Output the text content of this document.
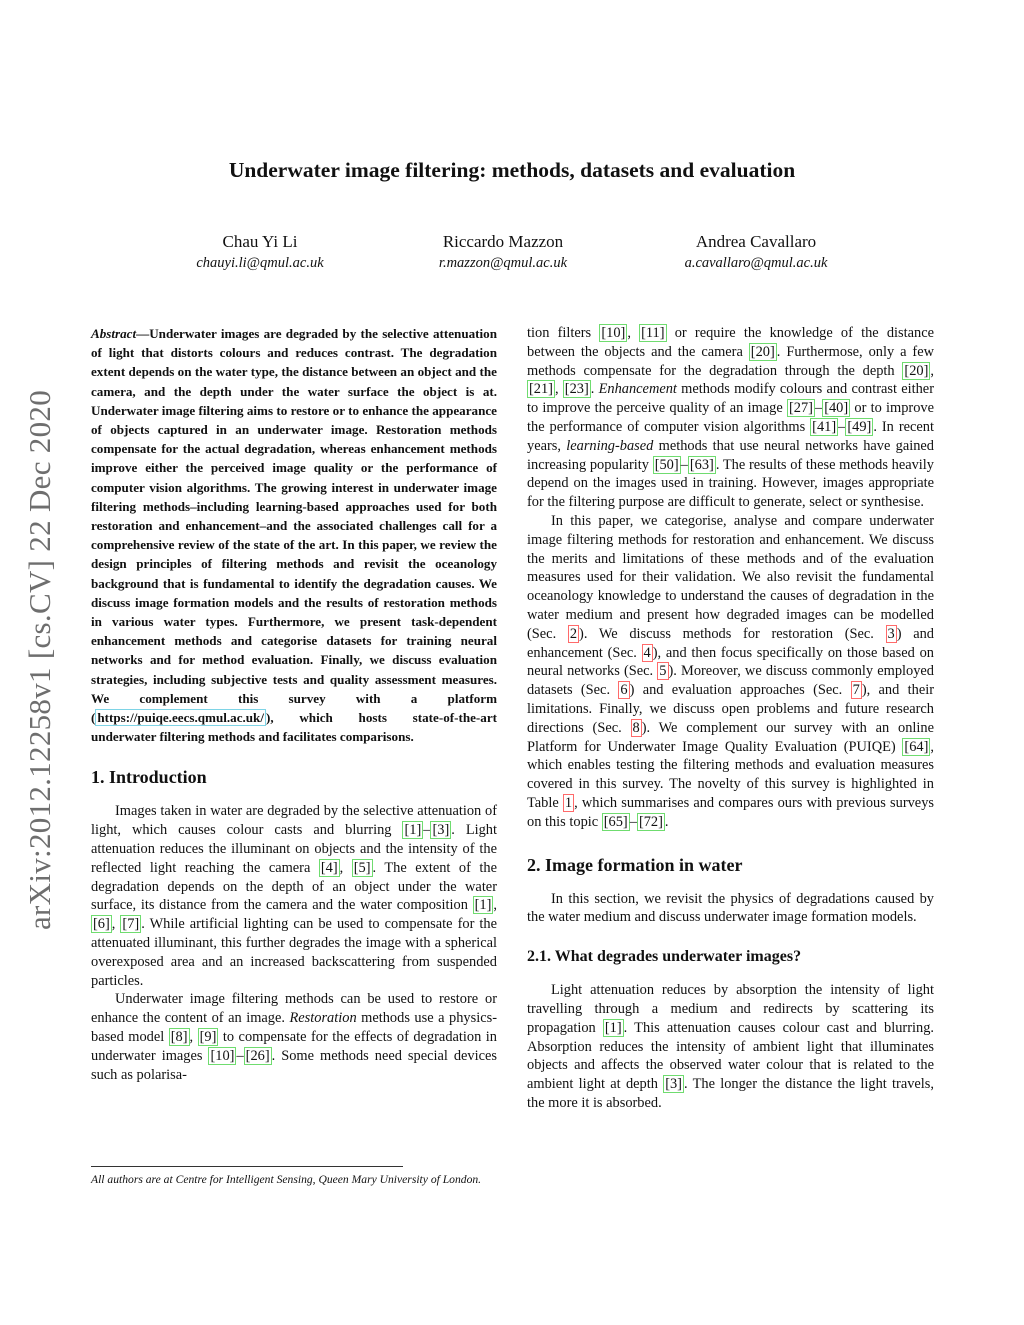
arXiv:2012.12258v1 [cs.CV] 22 Dec 2020
Underwater image filtering: methods, datasets and evaluation
Chau Yi Li
chauyi.li@qmul.ac.uk
Riccardo Mazzon
r.mazzon@qmul.ac.uk
Andrea Cavallaro
a.cavallaro@qmul.ac.uk

Abstract—Underwater images are degraded by the selective attenuation of light that distorts colours and reduces contrast. The degradation extent depends on the water type, the distance between an object and the camera, and the depth under the water surface the object is at. Underwater image filtering aims to restore or to enhance the appearance of objects captured in an underwater image. Restoration methods compensate for the actual degradation, whereas enhancement methods improve either the perceived image quality or the performance of computer vision algorithms. The growing interest in underwater image filtering methods–including learning-based approaches used for both restoration and enhancement–and the associated challenges call for a comprehensive review of the state of the art. In this paper, we review the design principles of filtering methods and revisit the oceanology background that is fundamental to identify the degradation causes. We discuss image formation models and the results of restoration methods in various water types. Furthermore, we present task-dependent enhancement methods and categorise datasets for training neural networks and for method evaluation. Finally, we discuss evaluation strategies, including subjective tests and quality assessment measures. We complement this survey with a platform ( https://puiqe.eecs.qmul.ac.uk/ ), which hosts state-of-the-art underwater filtering methods and facilitates comparisons.

1. Introduction

Images taken in water are degraded by the selective attenuation of light, which causes colour casts and blurring [1] – [3] . Light attenuation reduces the illuminant on objects and the intensity of the reflected light reaching the camera [4] , [5] . The extent of the degradation depends on the depth of an object under the water surface, its distance from the camera and the water composition [1] , [6] , [7] . While artificial lighting can be used to compensate for the attenuated illuminant, this further degrades the image with a spherical overexposed area and an increased backscattering from suspended particles.

Underwater image filtering methods can be used to restore or enhance the content of an image. Restoration methods use a physics-based model [8] , [9] to compensate for the effects of degradation in underwater images [10] – [26] . Some methods need special devices such as polarisa-

All authors are at Centre for Intelligent Sensing, Queen Mary University of London.

tion filters [10] , [11] or require the knowledge of the distance between the objects and the camera [20] . Furthermose, only a few methods compensate for the degradation through the depth [20] , [21] , [23] . Enhancement methods modify colours and contrast either to improve the perceive quality of an image [27] – [40] or to improve the performance of computer vision algorithms [41] – [49] . In recent years, learning-based methods that use neural networks have gained increasing popularity [50] – [63] . The results of these methods heavily depend on the images used in training. However, images appropriate for the filtering purpose are difficult to generate, select or synthesise.

In this paper, we categorise, analyse and compare underwater image filtering methods for restoration and enhancement. We discuss the merits and limitations of these methods and of the evaluation measures used for their validation. We also revisit the fundamental oceanology knowledge to understand the causes of degradation in the water medium and present how degraded images can be modelled (Sec. 2 ). We discuss methods for restoration (Sec. 3 ) and enhancement (Sec. 4 ), and then focus specifically on those based on neural networks (Sec. 5 ). Moreover, we discuss commonly employed datasets (Sec. 6 ) and evaluation approaches (Sec. 7 ), and their limitations. Finally, we discuss open problems and future research directions (Sec. 8 ). We complement our survey with an online Platform for Underwater Image Quality Evaluation (PUIQE) [64] , which enables testing the filtering methods and evaluation measures covered in this survey. The novelty of this survey is highlighted in Table 1 , which summarises and compares ours with previous surveys on this topic [65] – [72] .

2. Image formation in water

In this section, we revisit the physics of degradations caused by the water medium and discuss underwater image formation models.

2.1. What degrades underwater images?

Light attenuation reduces by absorption the intensity of light travelling through a medium and redirects by scattering its propagation [1] . This attenuation causes colour cast and blurring. Absorption reduces the intensity of ambient light that illuminates objects and affects the observed water colour that is related to the ambient light at depth [3] . The longer the distance the light travels, the more it is absorbed.
